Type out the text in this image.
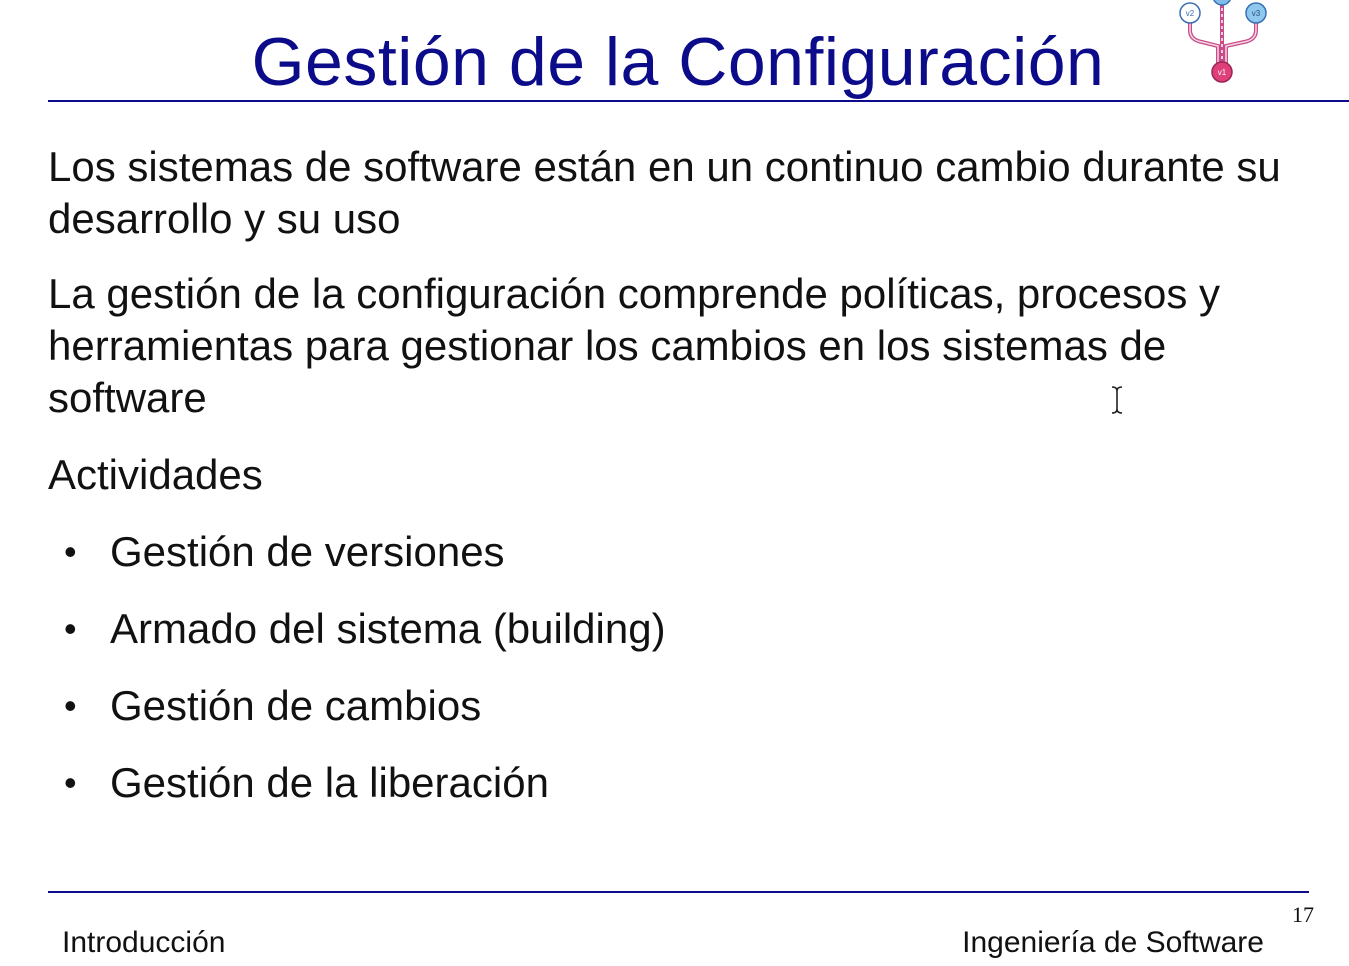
Gestión de la Configuración
v2	v3
v1

Los sistemas de software están en un continuo cambio durante su desarrollo y su uso

La gestión de la configuración comprende políticas, procesos y herramientas para gestionar los cambios en los sistemas de software

Actividades

• Gestión de versiones
• Armado del sistema (building)
• Gestión de cambios
• Gestión de la liberación
17
Introducción	Ingeniería de Software
